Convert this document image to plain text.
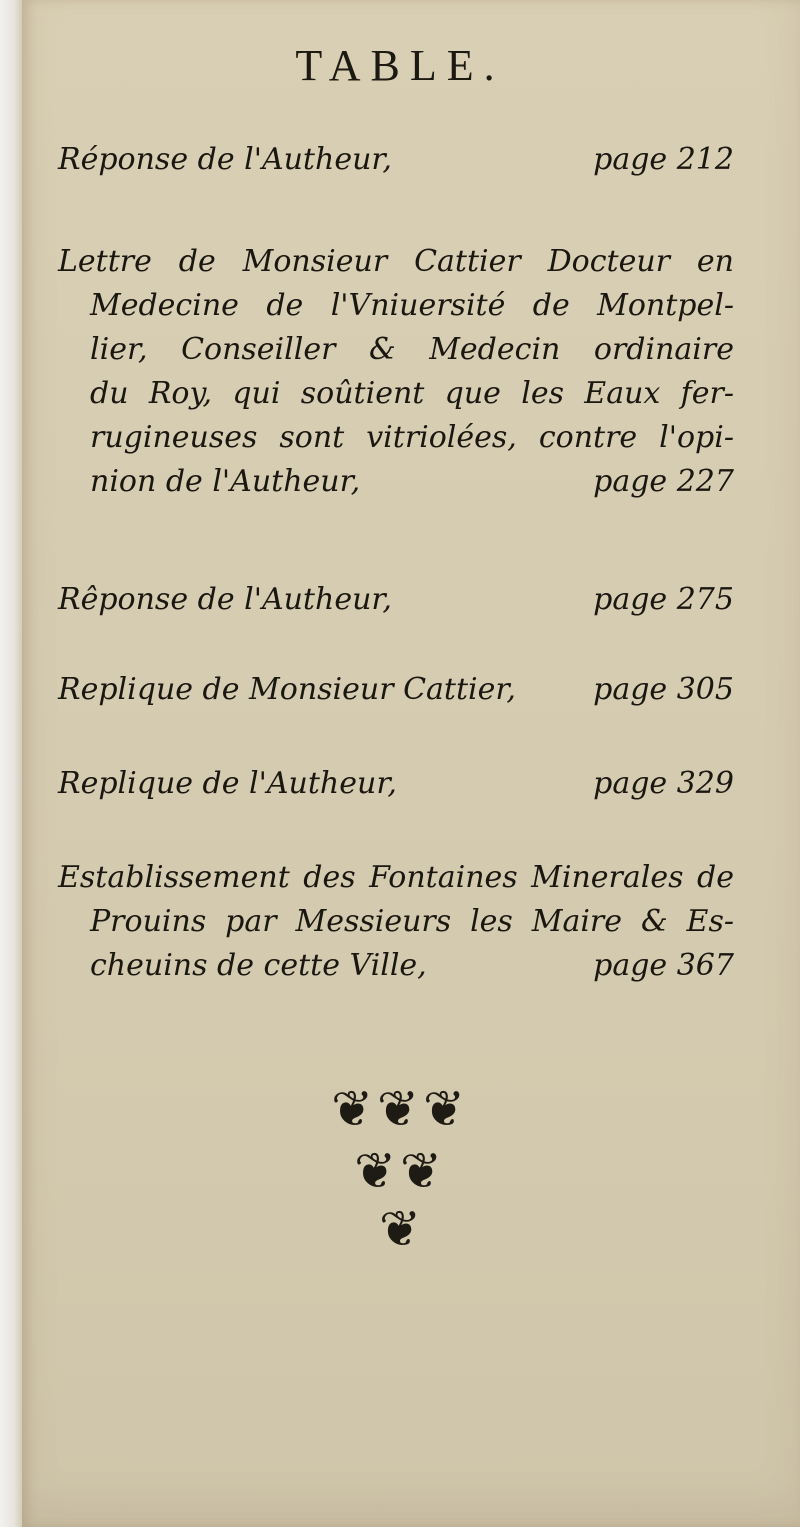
TABLE.
Réponse de l'Autheur,	page 212
Lettre de Monsieur Cattier Docteur en
Medecine de l'Vniuersité de Montpel-
lier, Conseiller & Medecin ordinaire
du Roy, qui soûtient que les Eaux fer-
rugineuses sont vitriolées, contre l'opi-
nion de l'Autheur,	page 227
Rêponse de l'Autheur,	page 275
Replique de Monsieur Cattier,	page 305
Replique de l'Autheur,	page 329
Establissement des Fontaines Minerales de
Prouins par Messieurs les Maire & Es-
cheuins de cette Ville,	page 367
❦❦❦
❦❦
❦
